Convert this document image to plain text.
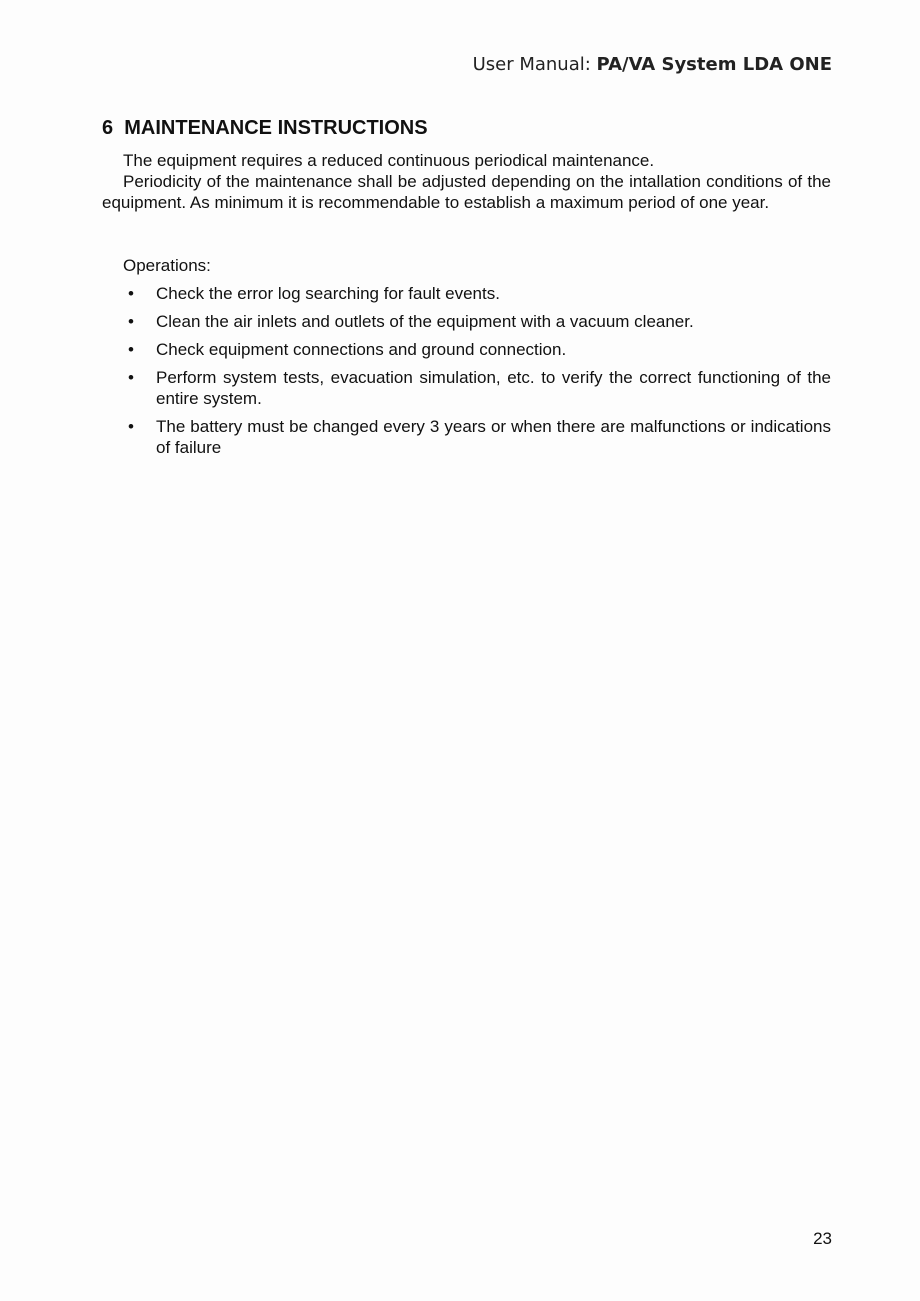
User Manual: PA/VA System LDA ONE
6 MAINTENANCE INSTRUCTIONS

The equipment requires a reduced continuous periodical maintenance.

Periodicity of the maintenance shall be adjusted depending on the intallation conditions of the equipment. As minimum it is recommendable to establish a maximum period of one year.

Operations:

• Check the error log searching for fault events.
• Clean the air inlets and outlets of the equipment with a vacuum cleaner.
• Check equipment connections and ground connection.
• Perform system tests, evacuation simulation, etc. to verify the correct functioning of the entire system.
• The battery must be changed every 3 years or when there are malfunctions or indications of failure
23
